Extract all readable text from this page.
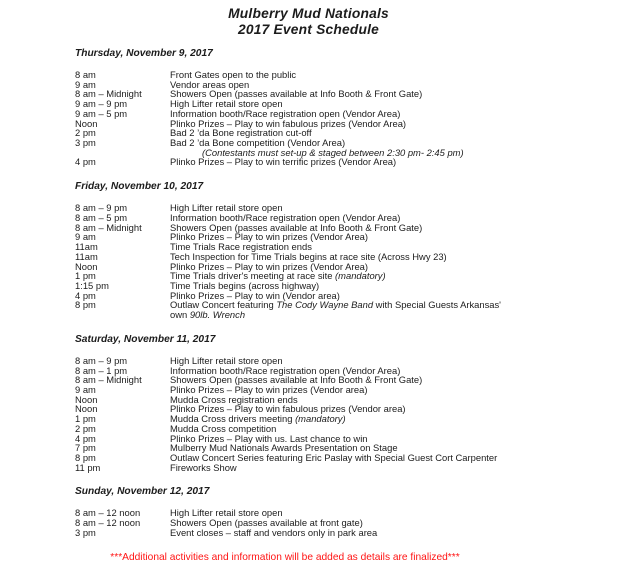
Mulberry Mud Nationals
2017 Event Schedule
Thursday, November 9, 2017
8 am	Front Gates open to the public
9 am	Vendor areas open
8 am – Midnight	Showers Open (passes available at Info Booth & Front Gate)
9 am – 9 pm	High Lifter retail store open
9 am – 5 pm	Information booth/Race registration open (Vendor Area)
Noon	Plinko Prizes – Play to win fabulous prizes (Vendor Area)
2 pm	Bad 2 ’da Bone registration cut-off
3 pm	Bad 2 ’da Bone competition (Vendor Area)
(Contestants must set-up & staged between 2:30 pm- 2:45 pm)
4 pm	Plinko Prizes – Play to win terrific prizes (Vendor Area)
Friday, November 10, 2017
8 am – 9 pm	High Lifter retail store open
8 am – 5 pm	Information booth/Race registration open (Vendor Area)
8 am – Midnight	Showers Open (passes available at Info Booth & Front Gate)
9 am	Plinko Prizes – Play to win prizes (Vendor Area)
11am	Time Trials Race registration ends
11am	Tech Inspection for Time Trials begins at race site (Across Hwy 23)
Noon	Plinko Prizes – Play to win prizes (Vendor Area)
1 pm	Time Trials driver's meeting at race site (mandatory)
1:15 pm	Time Trials begins (across highway)
4 pm	Plinko Prizes – Play to win (Vendor area)
8 pm	Outlaw Concert featuring The Cody Wayne Band with Special Guests Arkansas'
own 90lb. Wrench
Saturday, November 11, 2017
8 am – 9 pm	High Lifter retail store open
8 am – 1 pm	Information booth/Race registration open (Vendor Area)
8 am – Midnight	Showers Open (passes available at Info Booth & Front Gate)
9 am	Plinko Prizes – Play to win prizes (Vendor area)
Noon	Mudda Cross registration ends
Noon	Plinko Prizes – Play to win fabulous prizes (Vendor area)
1 pm	Mudda Cross drivers meeting (mandatory)
2 pm	Mudda Cross competition
4 pm	Plinko Prizes – Play with us. Last chance to win
7 pm	Mulberry Mud Nationals Awards Presentation on Stage
8 pm	Outlaw Concert Series featuring Eric Paslay with Special Guest Cort Carpenter
11 pm	Fireworks Show
Sunday, November 12, 2017
8 am – 12 noon	High Lifter retail store open
8 am – 12 noon	Showers Open (passes available at front gate)
3 pm	Event closes – staff and vendors only in park area
***Additional activities and information will be added as details are finalized***
